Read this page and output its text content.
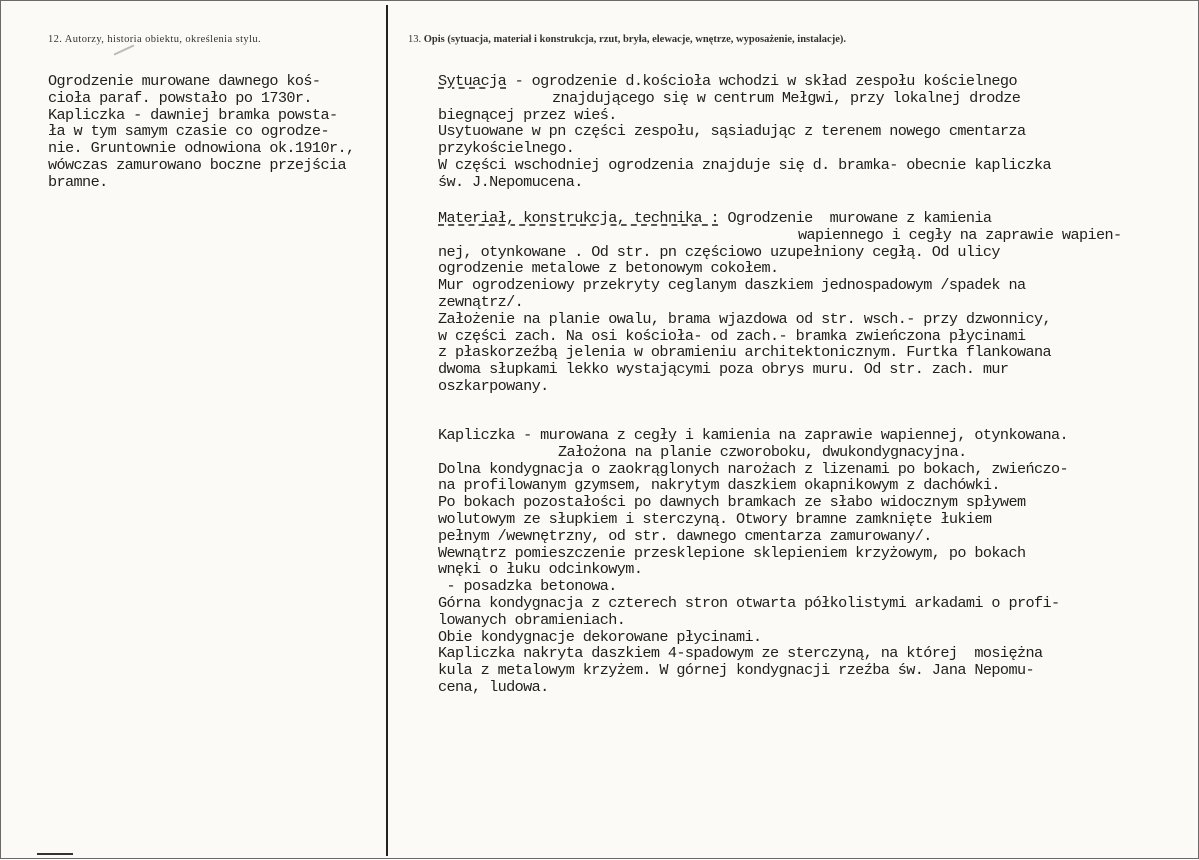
12. Autorzy, historia obiektu, określenia stylu.
Ogrodzenie murowane dawnego koś-
cioła paraf. powstało po 1730r.
Kapliczka - dawniej bramka powsta-
ła w tym samym czasie co ogrodze-
nie. Gruntownie odnowiona ok.1910r.,
wówczas zamurowano boczne przejścia
bramne.
13. Opis (sytuacja, materiał i konstrukcja, rzut, bryła, elewacje, wnętrze, wyposażenie, instalacje).
Sytuacja - ogrodzenie d.kościoła wchodzi w skład zespołu kościelnego
znajdującego się w centrum Mełgwi, przy lokalnej drodze
biegnącej przez wieś.
Usytuowane w pn części zespołu, sąsiadując z terenem nowego cmentarza
przykościelnego.
W części wschodniej ogrodzenia znajduje się d. bramka- obecnie kapliczka
św. J.Nepomucena.
Materiał, konstrukcja, technika : Ogrodzenie  murowane z kamienia
wapiennego i cegły na zaprawie wapien-
nej, otynkowane . Od str. pn częściowo uzupełniony cegłą. Od ulicy
ogrodzenie metalowe z betonowym cokołem.
Mur ogrodzeniowy przekryty ceglanym daszkiem jednospadowym /spadek na
zewnątrz/.
Założenie na planie owalu, brama wjazdowa od str. wsch.- przy dzwonnicy,
w części zach. Na osi kościoła- od zach.- bramka zwieńczona płycinami
z płaskorzeźbą jelenia w obramieniu architektonicznym. Furtka flankowana
dwoma słupkami lekko wystającymi poza obrys muru. Od str. zach. mur
oszkarpowany.
Kapliczka - murowana z cegły i kamienia na zaprawie wapiennej, otynkowana.
Założona na planie czworoboku, dwukondygnacyjna.
Dolna kondygnacja o zaokrąglonych narożach z lizenami po bokach, zwieńczo-
na profilowanym gzymsem, nakrytym daszkiem okapnikowym z dachówki.
Po bokach pozostałości po dawnych bramkach ze słabo widocznym spływem
wolutowym ze słupkiem i sterczyną. Otwory bramne zamknięte łukiem
pełnym /wewnętrzny, od str. dawnego cmentarza zamurowany/.
Wewnątrz pomieszczenie przesklepione sklepieniem krzyżowym, po bokach
wnęki o łuku odcinkowym.
- posadzka betonowa.
Górna kondygnacja z czterech stron otwarta półkolistymi arkadami o profi-
lowanych obramieniach.
Obie kondygnacje dekorowane płycinami.
Kapliczka nakryta daszkiem 4-spadowym ze sterczyną, na której  mosiężna
kula z metalowym krzyżem. W górnej kondygnacji rzeźba św. Jana Nepomu-
cena, ludowa.
